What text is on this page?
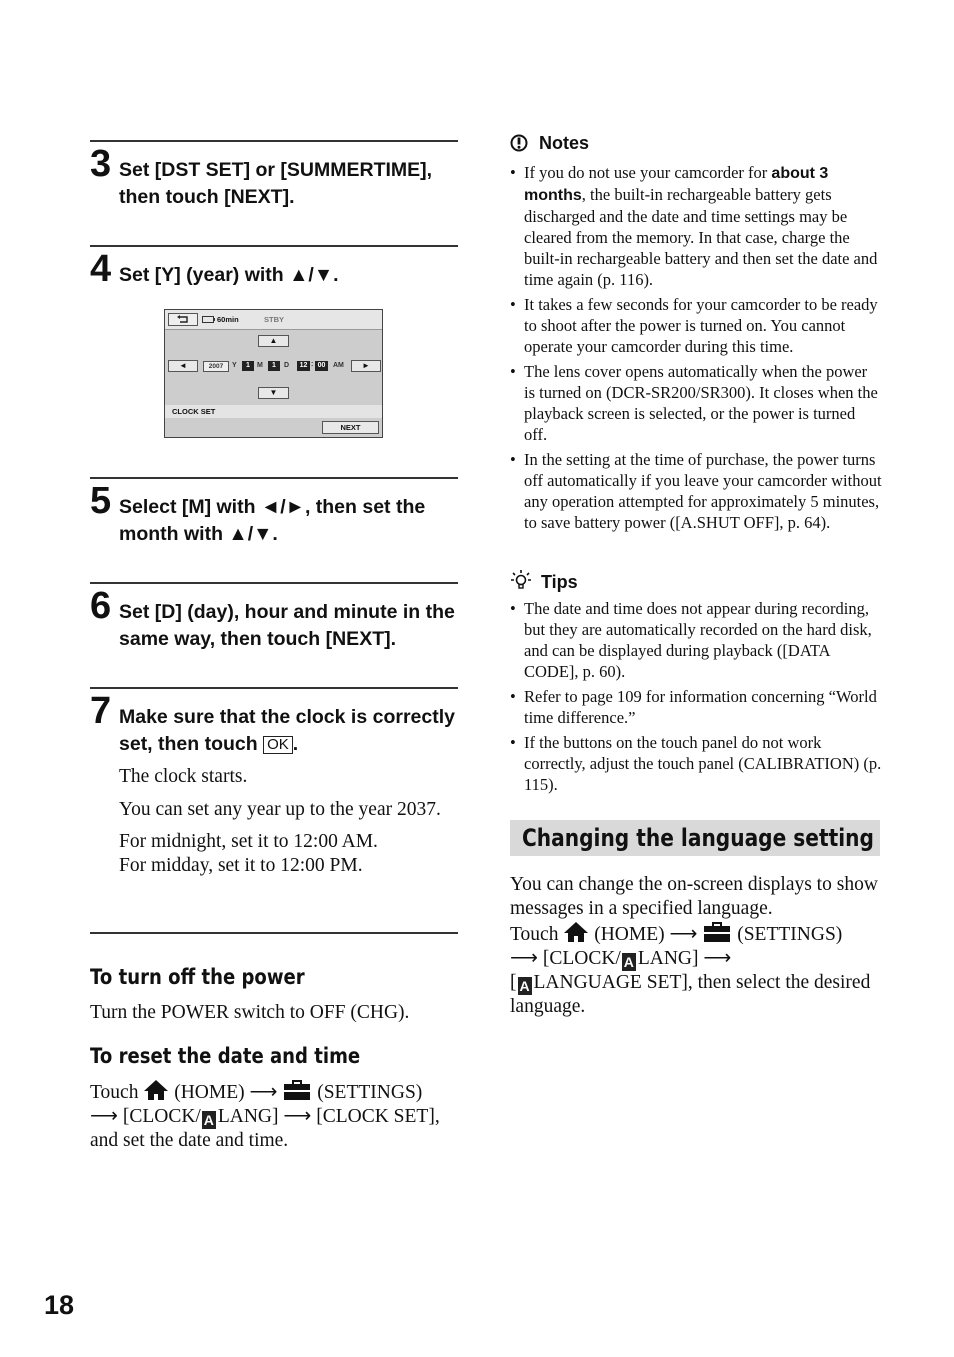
3 Set [DST SET] or [SUMMERTIME], then touch [NEXT].
4 Set [Y] (year) with ▲/▼.
60min	STBY
▲
◄	►
▼
2007	Y	1	M	1	D	12 : 00	AM
CLOCK SET
NEXT
5 Select [M] with ◄/►, then set the month with ▲/▼.
6 Set [D] (day), hour and minute in the same way, then touch [NEXT].
7 Make sure that the clock is correctly set, then touch OK .
The clock starts.
You can set any year up to the year 2037.
For midnight, set it to 12:00 AM.
For midday, set it to 12:00 PM.
To turn off the power
Turn the POWER switch to OFF (CHG).
To reset the date and time
Touch (HOME) ⟶ (SETTINGS)
⟶ [CLOCK/ A LANG] ⟶ [CLOCK SET], and set the date and time.
18
Notes
• If you do not use your camcorder for about 3 months, the built-in rechargeable battery gets discharged and the date and time settings may be cleared from the memory. In that case, charge the built-in rechargeable battery and then set the date and time again (p. 116).
• It takes a few seconds for your camcorder to be ready to shoot after the power is turned on. You cannot operate your camcorder during this time.
• The lens cover opens automatically when the power is turned on (DCR-SR200/SR300). It closes when the playback screen is selected, or the power is turned off.
• In the setting at the time of purchase, the power turns off automatically if you leave your camcorder without any operation attempted for approximately 5 minutes, to save battery power ([A.SHUT OFF], p. 64).
Tips
• The date and time does not appear during recording, but they are automatically recorded on the hard disk, and can be displayed during playback ([DATA CODE], p. 60).
• Refer to page 109 for information concerning “World time difference.”
• If the buttons on the touch panel do not work correctly, adjust the touch panel (CALIBRATION) (p. 115).
Changing the language setting
You can change the on-screen displays to show messages in a specified language.
Touch (HOME) ⟶ (SETTINGS)
⟶ [CLOCK/ A LANG] ⟶
[ A LANGUAGE SET], then select the desired language.
